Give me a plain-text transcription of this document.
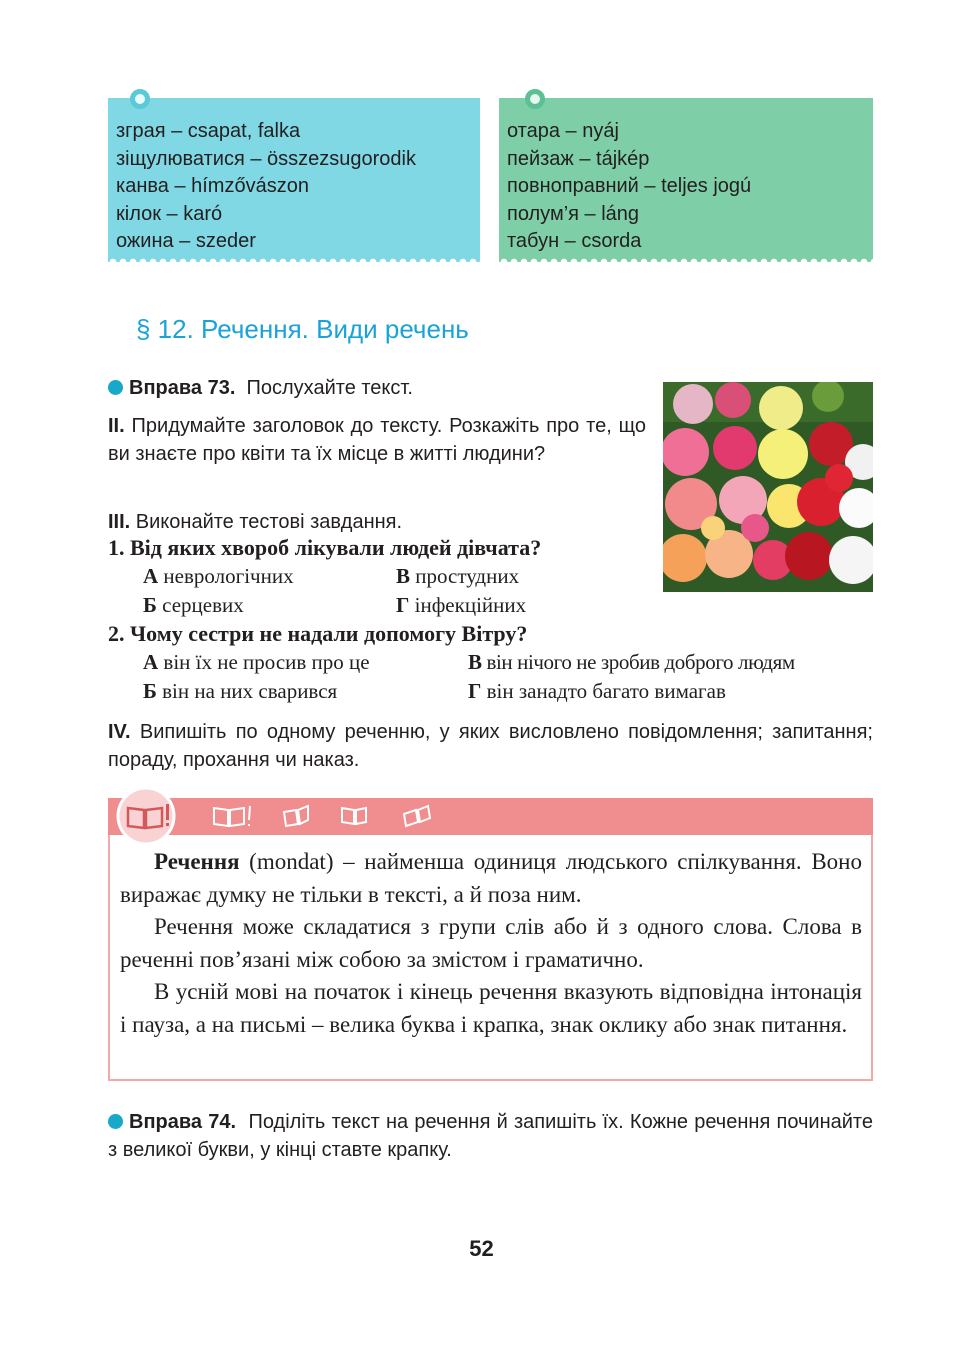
зграя – csapat, falka
зіщулюватися – összezsugorodik
канва – hímzővászon
кілок – karó
ожина – szeder
отара – nyáj
пейзаж – tájkép
повноправний – teljes jogú
полум’я – láng
табун – csorda
§ 12. Речення. Види речень
Вправа 73. Послухайте текст.
II. Придумайте заголовок до тексту. Розкажіть про те, що ви знаєте про квіти та їх місце в житті людини?
III. Виконайте тестові завдання.
1. Від яких хвороб лікували людей дівчата?
А неврологічних	В простудних
Б серцевих	Г інфекційних
2. Чому сестри не надали допомогу Вітру?
А він їх не просив про це	В він нічого не зробив доброго людям
Б він на них сварився	Г він занадто багато вимагав
IV. Випишіть по одному реченню, у яких висловлено повідомлення; запитання; пораду, прохання чи наказ.

Речення (mondat) – найменша одиниця людського спілкування. Воно виражає думку не тільки в тексті, а й поза ним.

Речення може складатися з групи слів або й з одного слова. Слова в реченні пов’язані між собою за змістом і граматично.

В усній мові на початок і кінець речення вказують відповідна інтонація і пауза, а на письмі – велика буква і крапка, знак оклику або знак питання.

Вправа 74. Поділіть текст на речення й запишіть їх. Кожне речення починайте з великої букви, у кінці ставте крапку.
52
